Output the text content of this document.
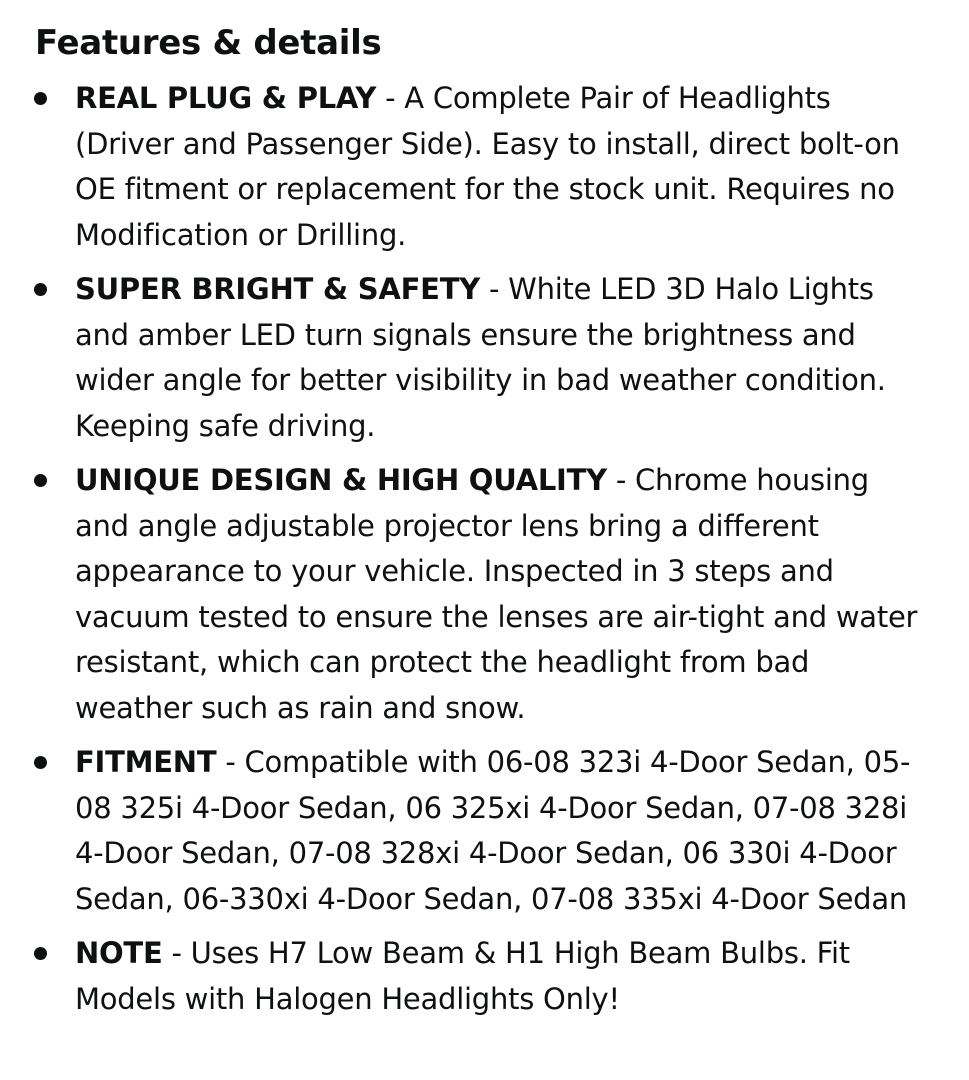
Features & details
REAL PLUG & PLAY - A Complete Pair of Headlights (Driver and Passenger Side). Easy to install, direct bolt-on OE fitment or replacement for the stock unit. Requires no Modification or Drilling.
SUPER BRIGHT & SAFETY - White LED 3D Halo Lights and amber LED turn signals ensure the brightness and wider angle for better visibility in bad weather condition. Keeping safe driving.
UNIQUE DESIGN & HIGH QUALITY - Chrome housing and angle adjustable projector lens bring a different appearance to your vehicle. Inspected in 3 steps and vacuum tested to ensure the lenses are air-tight and water resistant, which can protect the headlight from bad weather such as rain and snow.
FITMENT - Compatible with 06-08 323i 4-Door Sedan, 05-08 325i 4-Door Sedan, 06 325xi 4-Door Sedan, 07-08 328i 4-Door Sedan, 07-08 328xi 4-Door Sedan, 06 330i 4-Door Sedan, 06-330xi 4-Door Sedan, 07-08 335xi 4-Door Sedan
NOTE - Uses H7 Low Beam & H1 High Beam Bulbs. Fit Models with Halogen Headlights Only!
